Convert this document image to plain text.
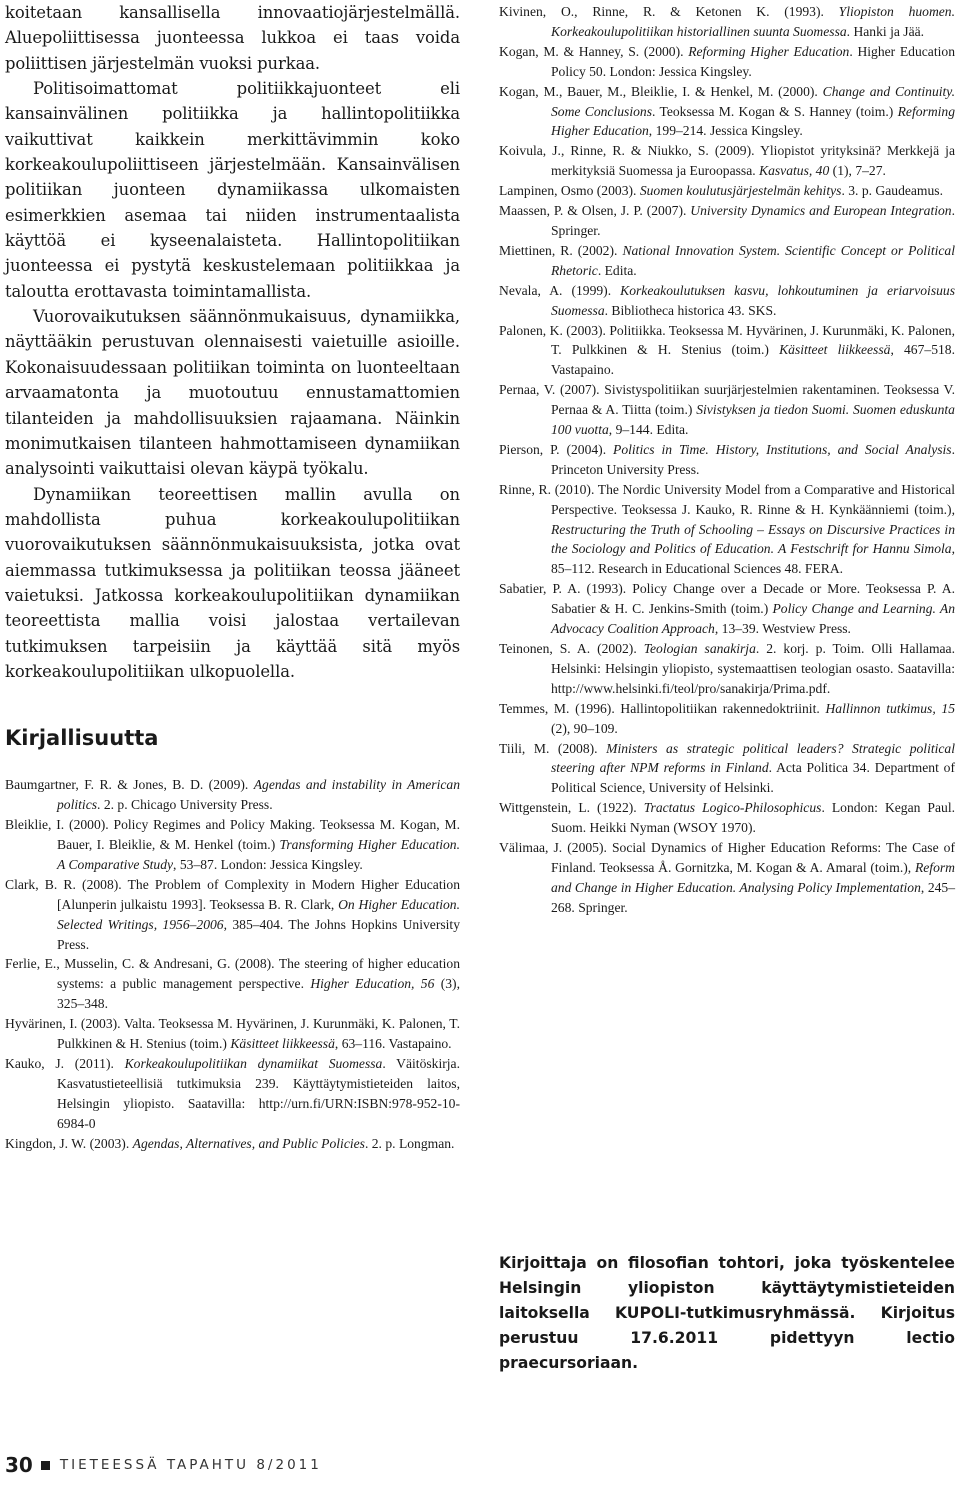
koitetaan kansallisella innovaatiojärjestelmällä. Aluepoliittisessa juonteessa lukkoa ei taas voida poliittisen järjestelmän vuoksi purkaa.

Politisoimattomat politiikkajuonteet eli kansainvälinen politiikka ja hallintopolitiikka vaikuttivat kaikkein merkittävimmin koko korkeakoulupoliittiseen järjestelmään. Kansainvälisen politiikan juonteen dynamiikassa ulkomaisten esimerkkien asemaa tai niiden instrumentaalista käyttöä ei kyseenalaisteta. Hallintopolitiikan juonteessa ei pystytä keskustelemaan politiikkaa ja taloutta erottavasta toimintamallista.

Vuorovaikutuksen säännönmukaisuus, dynamiikka, näyttääkin perustuvan olennaisesti vaietuille asioille. Kokonaisuudessaan politiikan toiminta on luonteeltaan arvaamatonta ja muotoutuu ennustamattomien tilanteiden ja mahdollisuuksien rajaamana. Näinkin monimutkaisen tilanteen hahmottamiseen dynamiikan analysointi vaikuttaisi olevan käypä työkalu.

Dynamiikan teoreettisen mallin avulla on mahdollista puhua korkeakoulupolitiikan vuorovaikutuksen säännönmukaisuuksista, jotka ovat aiemmassa tutkimuksessa ja politiikan teossa jääneet vaietuksi. Jatkossa korkeakoulupolitiikan dynamiikan teoreettista mallia voisi jalostaa vertailevan tutkimuksen tarpeisiin ja käyttää sitä myös korkeakoulupolitiikan ulkopuolella.

Kirjallisuutta
Baumgartner, F. R. & Jones, B. D. (2009). Agendas and instability in American politics. 2. p. Chicago University Press.
Bleiklie, I. (2000). Policy Regimes and Policy Making. Teoksessa M. Kogan, M. Bauer, I. Bleiklie, & M. Henkel (toim.) Transforming Higher Education. A Comparative Study, 53–87. London: Jessica Kingsley.
Clark, B. R. (2008). The Problem of Complexity in Modern Higher Education [Alunperin julkaistu 1993]. Teoksessa B. R. Clark, On Higher Education. Selected Writings, 1956–2006, 385–404. The Johns Hopkins University Press.
Ferlie, E., Musselin, C. & Andresani, G. (2008). The steering of higher education systems: a public management perspective. Higher Education, 56 (3), 325–348.
Hyvärinen, I. (2003). Valta. Teoksessa M. Hyvärinen, J. Kurunmäki, K. Palonen, T. Pulkkinen & H. Stenius (toim.) Käsitteet liikkeessä, 63–116. Vastapaino.
Kauko, J. (2011). Korkeakoulupolitiikan dynamiikat Suomessa. Väitöskirja. Kasvatustieteellisiä tutkimuksia 239. Käyttäytymistieteiden laitos, Helsingin yliopisto. Saatavilla: http://urn.fi/URN:ISBN:978-952-10-6984-0
Kingdon, J. W. (2003). Agendas, Alternatives, and Public Policies. 2. p. Longman.
Kivinen, O., Rinne, R. & Ketonen K. (1993). Yliopiston huomen. Korkeakoulupolitiikan historiallinen suunta Suomessa. Hanki ja Jää.
Kogan, M. & Hanney, S. (2000). Reforming Higher Education. Higher Education Policy 50. London: Jessica Kingsley.
Kogan, M., Bauer, M., Bleiklie, I. & Henkel, M. (2000). Change and Continuity. Some Conclusions. Teoksessa M. Kogan & S. Hanney (toim.) Reforming Higher Education, 199–214. Jessica Kingsley.
Koivula, J., Rinne, R. & Niukko, S. (2009). Yliopistot yrityksinä? Merkkejä ja merkityksiä Suomessa ja Euroopassa. Kasvatus, 40 (1), 7–27.
Lampinen, Osmo (2003). Suomen koulutusjärjestelmän kehitys. 3. p. Gaudeamus.
Maassen, P. & Olsen, J. P. (2007). University Dynamics and European Integration. Springer.
Miettinen, R. (2002). National Innovation System. Scientific Concept or Political Rhetoric. Edita.
Nevala, A. (1999). Korkeakoulutuksen kasvu, lohkoutuminen ja eriarvoisuus Suomessa. Bibliotheca historica 43. SKS.
Palonen, K. (2003). Politiikka. Teoksessa M. Hyvärinen, J. Kurunmäki, K. Palonen, T. Pulkkinen & H. Stenius (toim.) Käsitteet liikkeessä, 467–518. Vastapaino.
Pernaa, V. (2007). Sivistyspolitiikan suurjärjestelmien rakentaminen. Teoksessa V. Pernaa & A. Tiitta (toim.) Sivistyksen ja tiedon Suomi. Suomen eduskunta 100 vuotta, 9–144. Edita.
Pierson, P. (2004). Politics in Time. History, Institutions, and Social Analysis. Princeton University Press.
Rinne, R. (2010). The Nordic University Model from a Comparative and Historical Perspective. Teoksessa J. Kauko, R. Rinne & H. Kynkäänniemi (toim.), Restructuring the Truth of Schooling – Essays on Discursive Practices in the Sociology and Politics of Education. A Festschrift for Hannu Simola, 85–112. Research in Educational Sciences 48. FERA.
Sabatier, P. A. (1993). Policy Change over a Decade or More. Teoksessa P. A. Sabatier & H. C. Jenkins-Smith (toim.) Policy Change and Learning. An Advocacy Coalition Approach, 13–39. Westview Press.
Teinonen, S. A. (2002). Teologian sanakirja. 2. korj. p. Toim. Olli Hallamaa. Helsinki: Helsingin yliopisto, systemaattisen teologian osasto. Saatavilla: http://www.helsinki.fi/teol/pro/sanakirja/Prima.pdf.
Temmes, M. (1996). Hallintopolitiikan rakennedoktriinit. Hallinnon tutkimus, 15 (2), 90–109.
Tiili, M. (2008). Ministers as strategic political leaders? Strategic political steering after NPM reforms in Finland. Acta Politica 34. Department of Political Science, University of Helsinki.
Wittgenstein, L. (1922). Tractatus Logico-Philosophicus. London: Kegan Paul. Suom. Heikki Nyman (WSOY 1970).
Välimaa, J. (2005). Social Dynamics of Higher Education Reforms: The Case of Finland. Teoksessa Å. Gornitzka, M. Kogan & A. Amaral (toim.), Reform and Change in Higher Education. Analysing Policy Implementation, 245–268. Springer.

Kirjoittaja on filosofian tohtori, joka työskentelee Helsingin yliopiston käyttäytymistieteiden laitoksella KUPOLI-tutkimusryhmässä. Kirjoitus perustuu 17.6.2011 pidettyyn lectio praecursoriaan.

30 TIETEESSÄ TAPAHTU 8/2011
